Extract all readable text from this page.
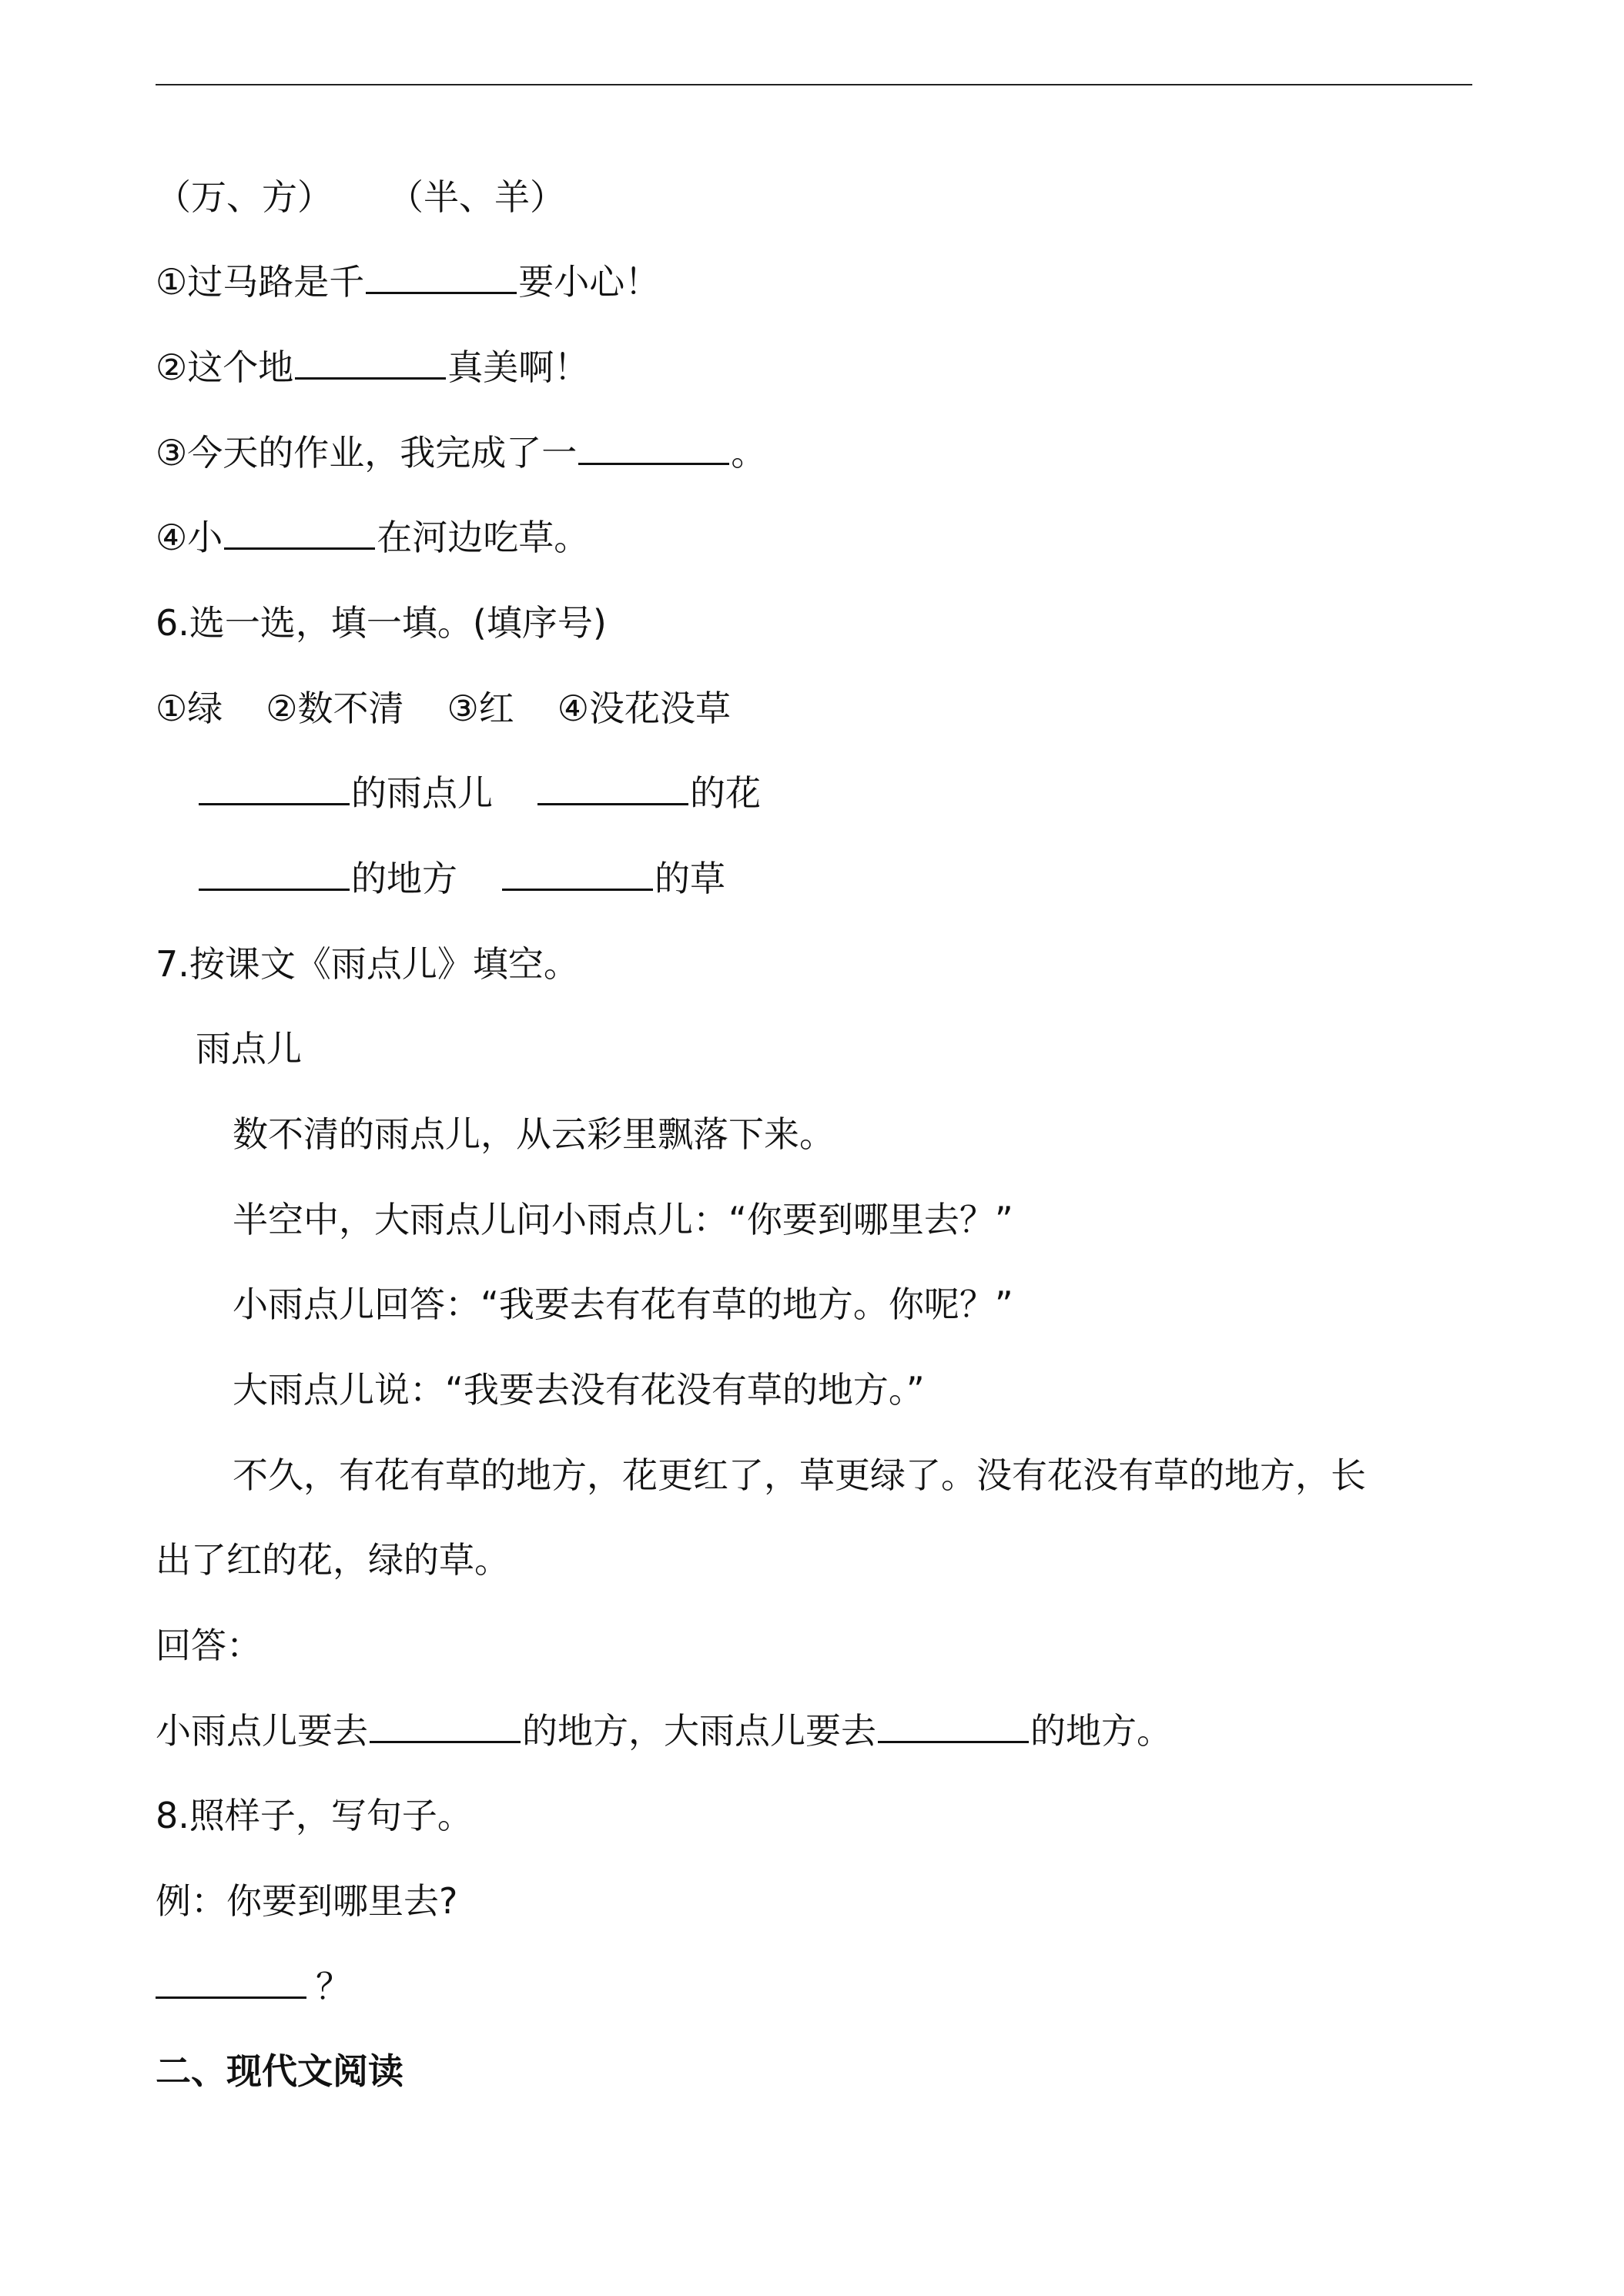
（万、方） （半、羊）
①过马路是千	要小心！
②这个地	真美啊！
③今天的作业，我完成了一	。
④小	在河边吃草。
6.选一选，填一填。(填序号)
①绿 ②数不清 ③红 ④没花没草
的雨点儿	的花
的地方	的草
7.按课文《雨点儿》填空。
雨点儿
数不清的雨点儿，从云彩里飘落下来。
半空中，大雨点儿问小雨点儿：“你要到哪里去？”
小雨点儿回答：“我要去有花有草的地方。你呢？”
大雨点儿说：“我要去没有花没有草的地方。”
不久，有花有草的地方，花更红了，草更绿了。没有花没有草的地方，长
出了红的花，绿的草。
回答：
小雨点儿要去	的地方，大雨点儿要去	的地方。
8.照样子，写句子。
例：你要到哪里去?
？
二、现代文阅读
